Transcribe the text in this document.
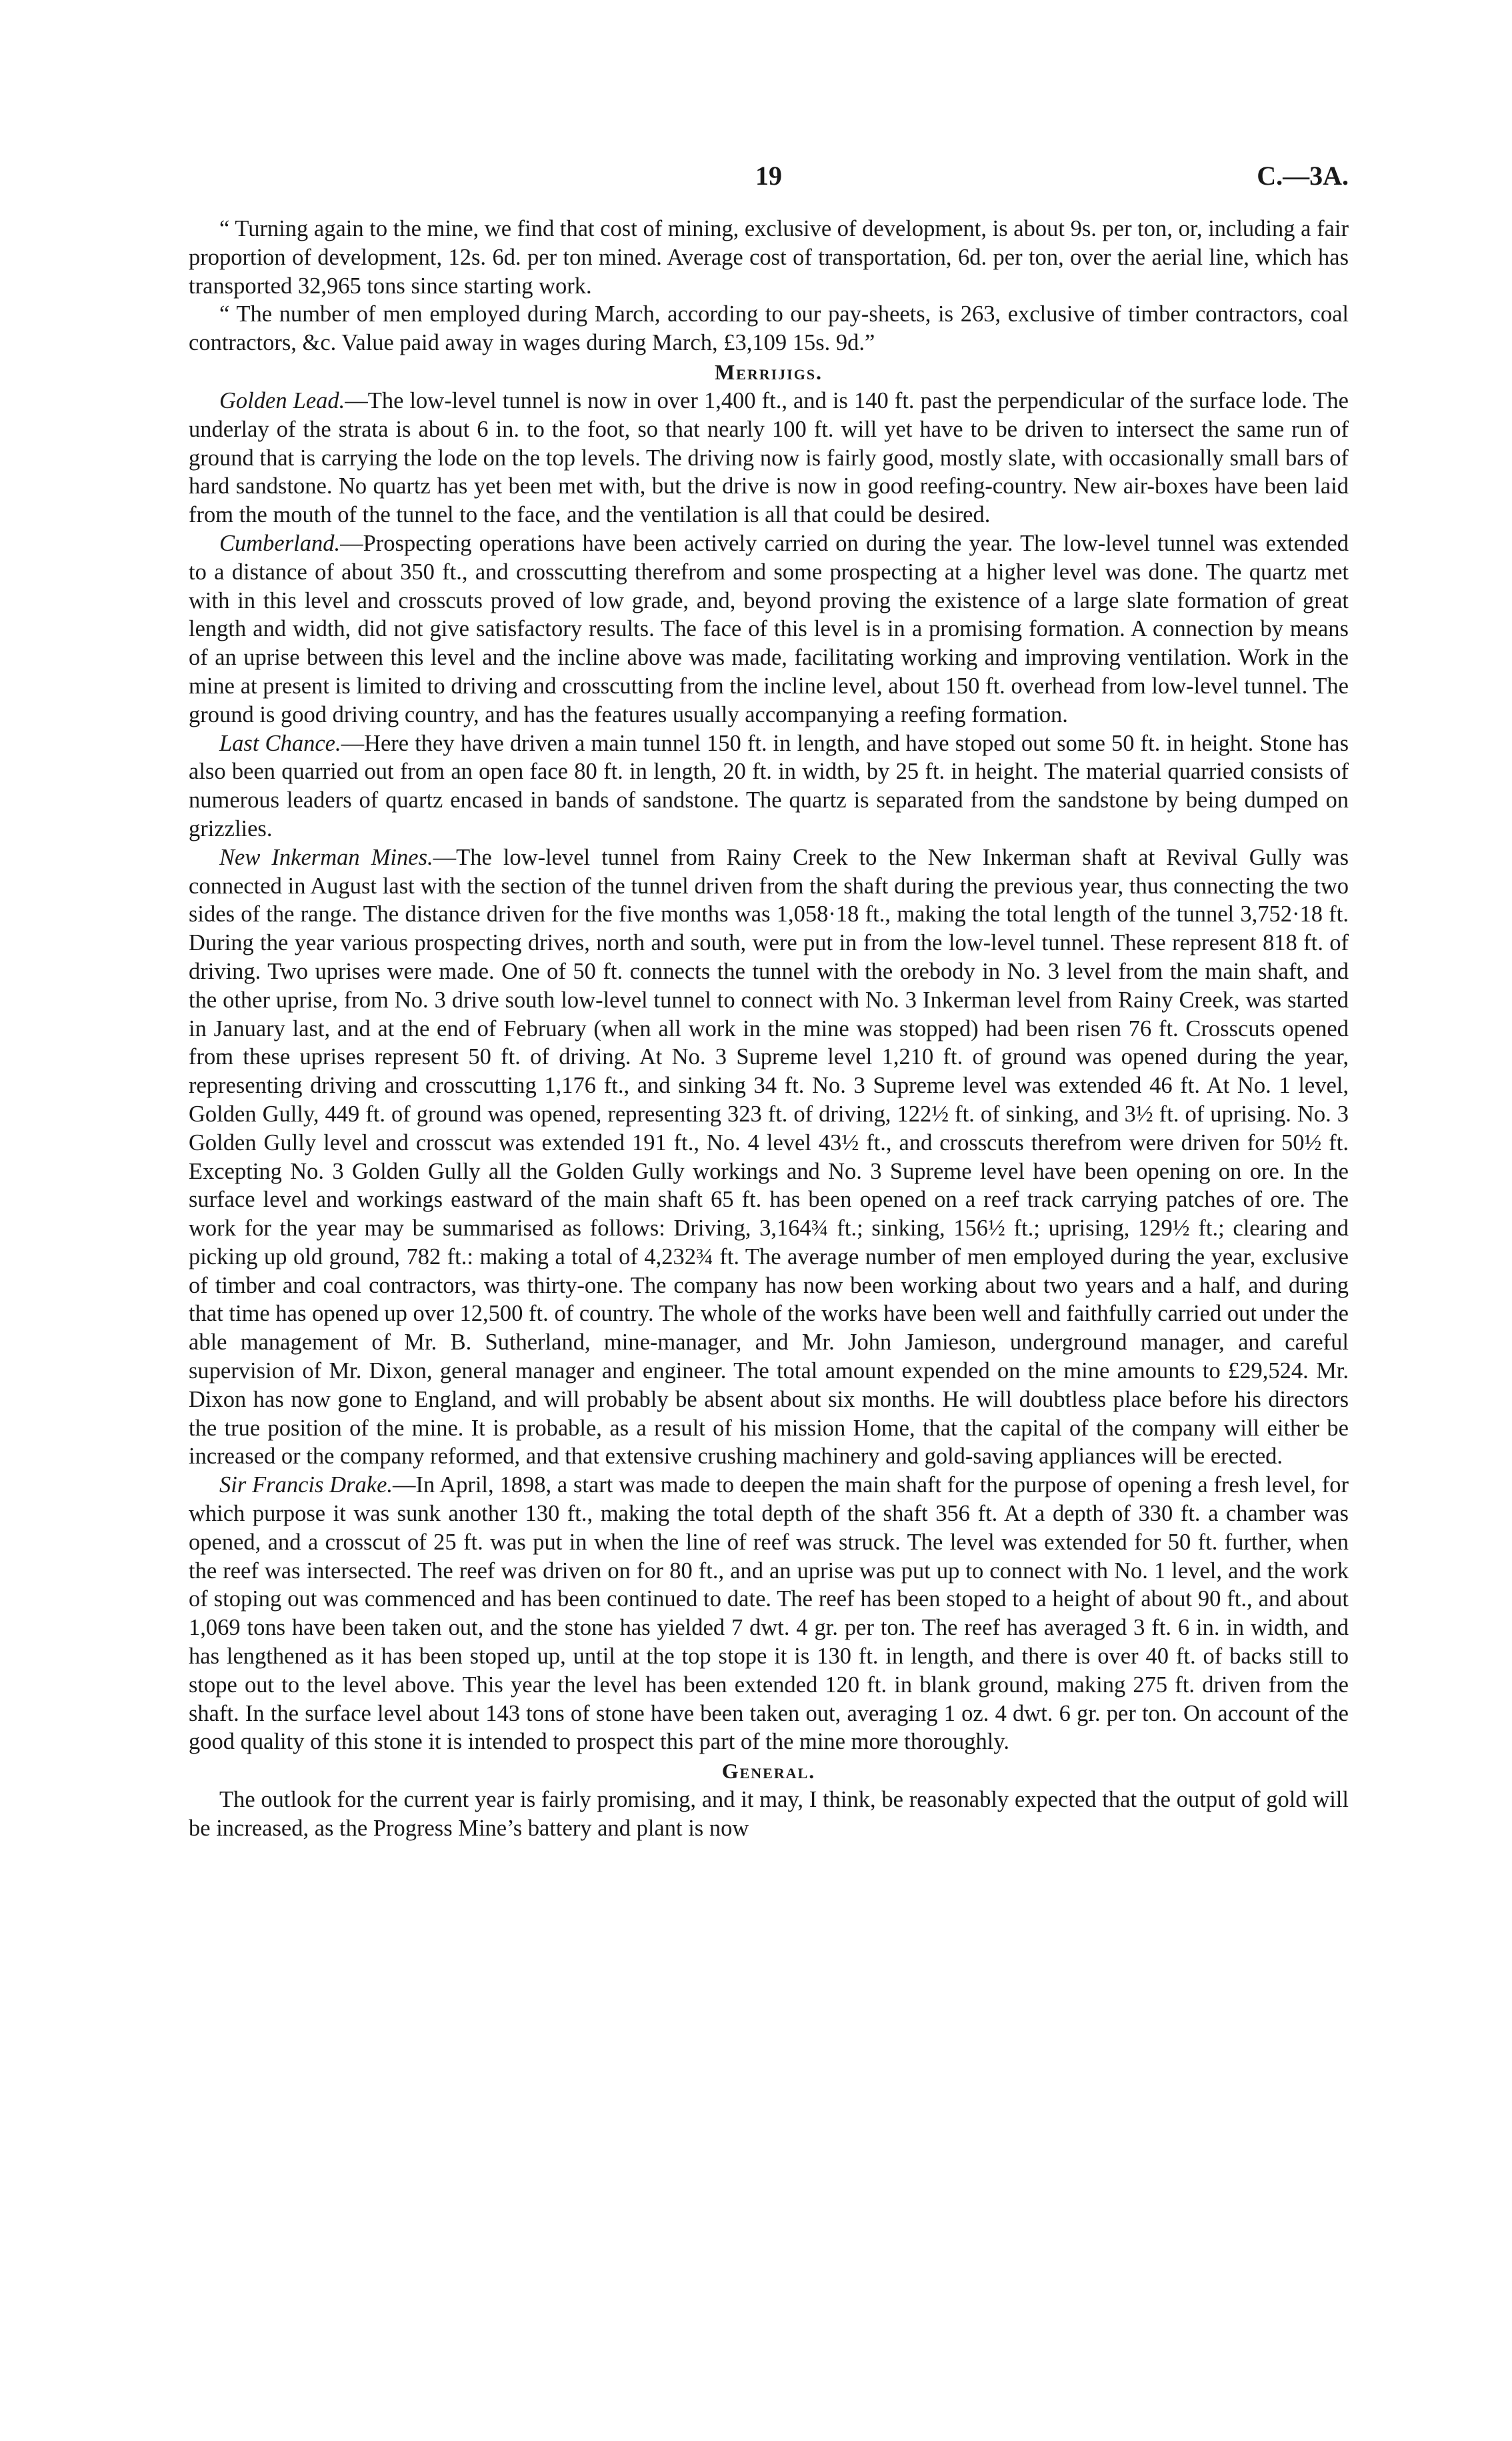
19	C.—3A.

“ Turning again to the mine, we find that cost of mining, exclusive of development, is about 9s. per ton, or, including a fair proportion of development, 12s. 6d. per ton mined. Average cost of transportation, 6d. per ton, over the aerial line, which has transported 32,965 tons since starting work.

“ The number of men employed during March, according to our pay-sheets, is 263, exclusive of timber contractors, coal contractors, &c. Value paid away in wages during March, £3,109 15s. 9d.”

Merrijigs.

Golden Lead.—The low-level tunnel is now in over 1,400 ft., and is 140 ft. past the perpendicular of the surface lode. The underlay of the strata is about 6 in. to the foot, so that nearly 100 ft. will yet have to be driven to intersect the same run of ground that is carrying the lode on the top levels. The driving now is fairly good, mostly slate, with occasionally small bars of hard sandstone. No quartz has yet been met with, but the drive is now in good reefing-country. New air-boxes have been laid from the mouth of the tunnel to the face, and the ventilation is all that could be desired.

Cumberland.—Prospecting operations have been actively carried on during the year. The low-level tunnel was extended to a distance of about 350 ft., and crosscutting therefrom and some prospecting at a higher level was done. The quartz met with in this level and crosscuts proved of low grade, and, beyond proving the existence of a large slate formation of great length and width, did not give satisfactory results. The face of this level is in a promising formation. A connection by means of an uprise between this level and the incline above was made, facilitating working and improving ventilation. Work in the mine at present is limited to driving and crosscutting from the incline level, about 150 ft. overhead from low-level tunnel. The ground is good driving country, and has the features usually accompanying a reefing formation.

Last Chance.—Here they have driven a main tunnel 150 ft. in length, and have stoped out some 50 ft. in height. Stone has also been quarried out from an open face 80 ft. in length, 20 ft. in width, by 25 ft. in height. The material quarried consists of numerous leaders of quartz encased in bands of sandstone. The quartz is separated from the sandstone by being dumped on grizzlies.

New Inkerman Mines.—The low-level tunnel from Rainy Creek to the New Inkerman shaft at Revival Gully was connected in August last with the section of the tunnel driven from the shaft during the previous year, thus connecting the two sides of the range. The distance driven for the five months was 1,058·18 ft., making the total length of the tunnel 3,752·18 ft. During the year various prospecting drives, north and south, were put in from the low-level tunnel. These represent 818 ft. of driving. Two uprises were made. One of 50 ft. connects the tunnel with the orebody in No. 3 level from the main shaft, and the other uprise, from No. 3 drive south low-level tunnel to connect with No. 3 Inkerman level from Rainy Creek, was started in January last, and at the end of February (when all work in the mine was stopped) had been risen 76 ft. Crosscuts opened from these uprises represent 50 ft. of driving. At No. 3 Supreme level 1,210 ft. of ground was opened during the year, representing driving and crosscutting 1,176 ft., and sinking 34 ft. No. 3 Supreme level was extended 46 ft. At No. 1 level, Golden Gully, 449 ft. of ground was opened, representing 323 ft. of driving, 122½ ft. of sinking, and 3½ ft. of uprising. No. 3 Golden Gully level and crosscut was extended 191 ft., No. 4 level 43½ ft., and crosscuts therefrom were driven for 50½ ft. Excepting No. 3 Golden Gully all the Golden Gully workings and No. 3 Supreme level have been opening on ore. In the surface level and workings eastward of the main shaft 65 ft. has been opened on a reef track carrying patches of ore. The work for the year may be summarised as follows: Driving, 3,164¾ ft.; sinking, 156½ ft.; uprising, 129½ ft.; clearing and picking up old ground, 782 ft.: making a total of 4,232¾ ft. The average number of men employed during the year, exclusive of timber and coal contractors, was thirty-one. The company has now been working about two years and a half, and during that time has opened up over 12,500 ft. of country. The whole of the works have been well and faithfully carried out under the able management of Mr. B. Sutherland, mine-manager, and Mr. John Jamieson, underground manager, and careful supervision of Mr. Dixon, general manager and engineer. The total amount expended on the mine amounts to £29,524. Mr. Dixon has now gone to England, and will probably be absent about six months. He will doubtless place before his directors the true position of the mine. It is probable, as a result of his mission Home, that the capital of the company will either be increased or the company reformed, and that extensive crushing machinery and gold-saving appliances will be erected.

Sir Francis Drake.—In April, 1898, a start was made to deepen the main shaft for the purpose of opening a fresh level, for which purpose it was sunk another 130 ft., making the total depth of the shaft 356 ft. At a depth of 330 ft. a chamber was opened, and a crosscut of 25 ft. was put in when the line of reef was struck. The level was extended for 50 ft. further, when the reef was intersected. The reef was driven on for 80 ft., and an uprise was put up to connect with No. 1 level, and the work of stoping out was commenced and has been continued to date. The reef has been stoped to a height of about 90 ft., and about 1,069 tons have been taken out, and the stone has yielded 7 dwt. 4 gr. per ton. The reef has averaged 3 ft. 6 in. in width, and has lengthened as it has been stoped up, until at the top stope it is 130 ft. in length, and there is over 40 ft. of backs still to stope out to the level above. This year the level has been extended 120 ft. in blank ground, making 275 ft. driven from the shaft. In the surface level about 143 tons of stone have been taken out, averaging 1 oz. 4 dwt. 6 gr. per ton. On account of the good quality of this stone it is intended to prospect this part of the mine more thoroughly.

General.

The outlook for the current year is fairly promising, and it may, I think, be reasonably expected that the output of gold will be increased, as the Progress Mine’s battery and plant is now
